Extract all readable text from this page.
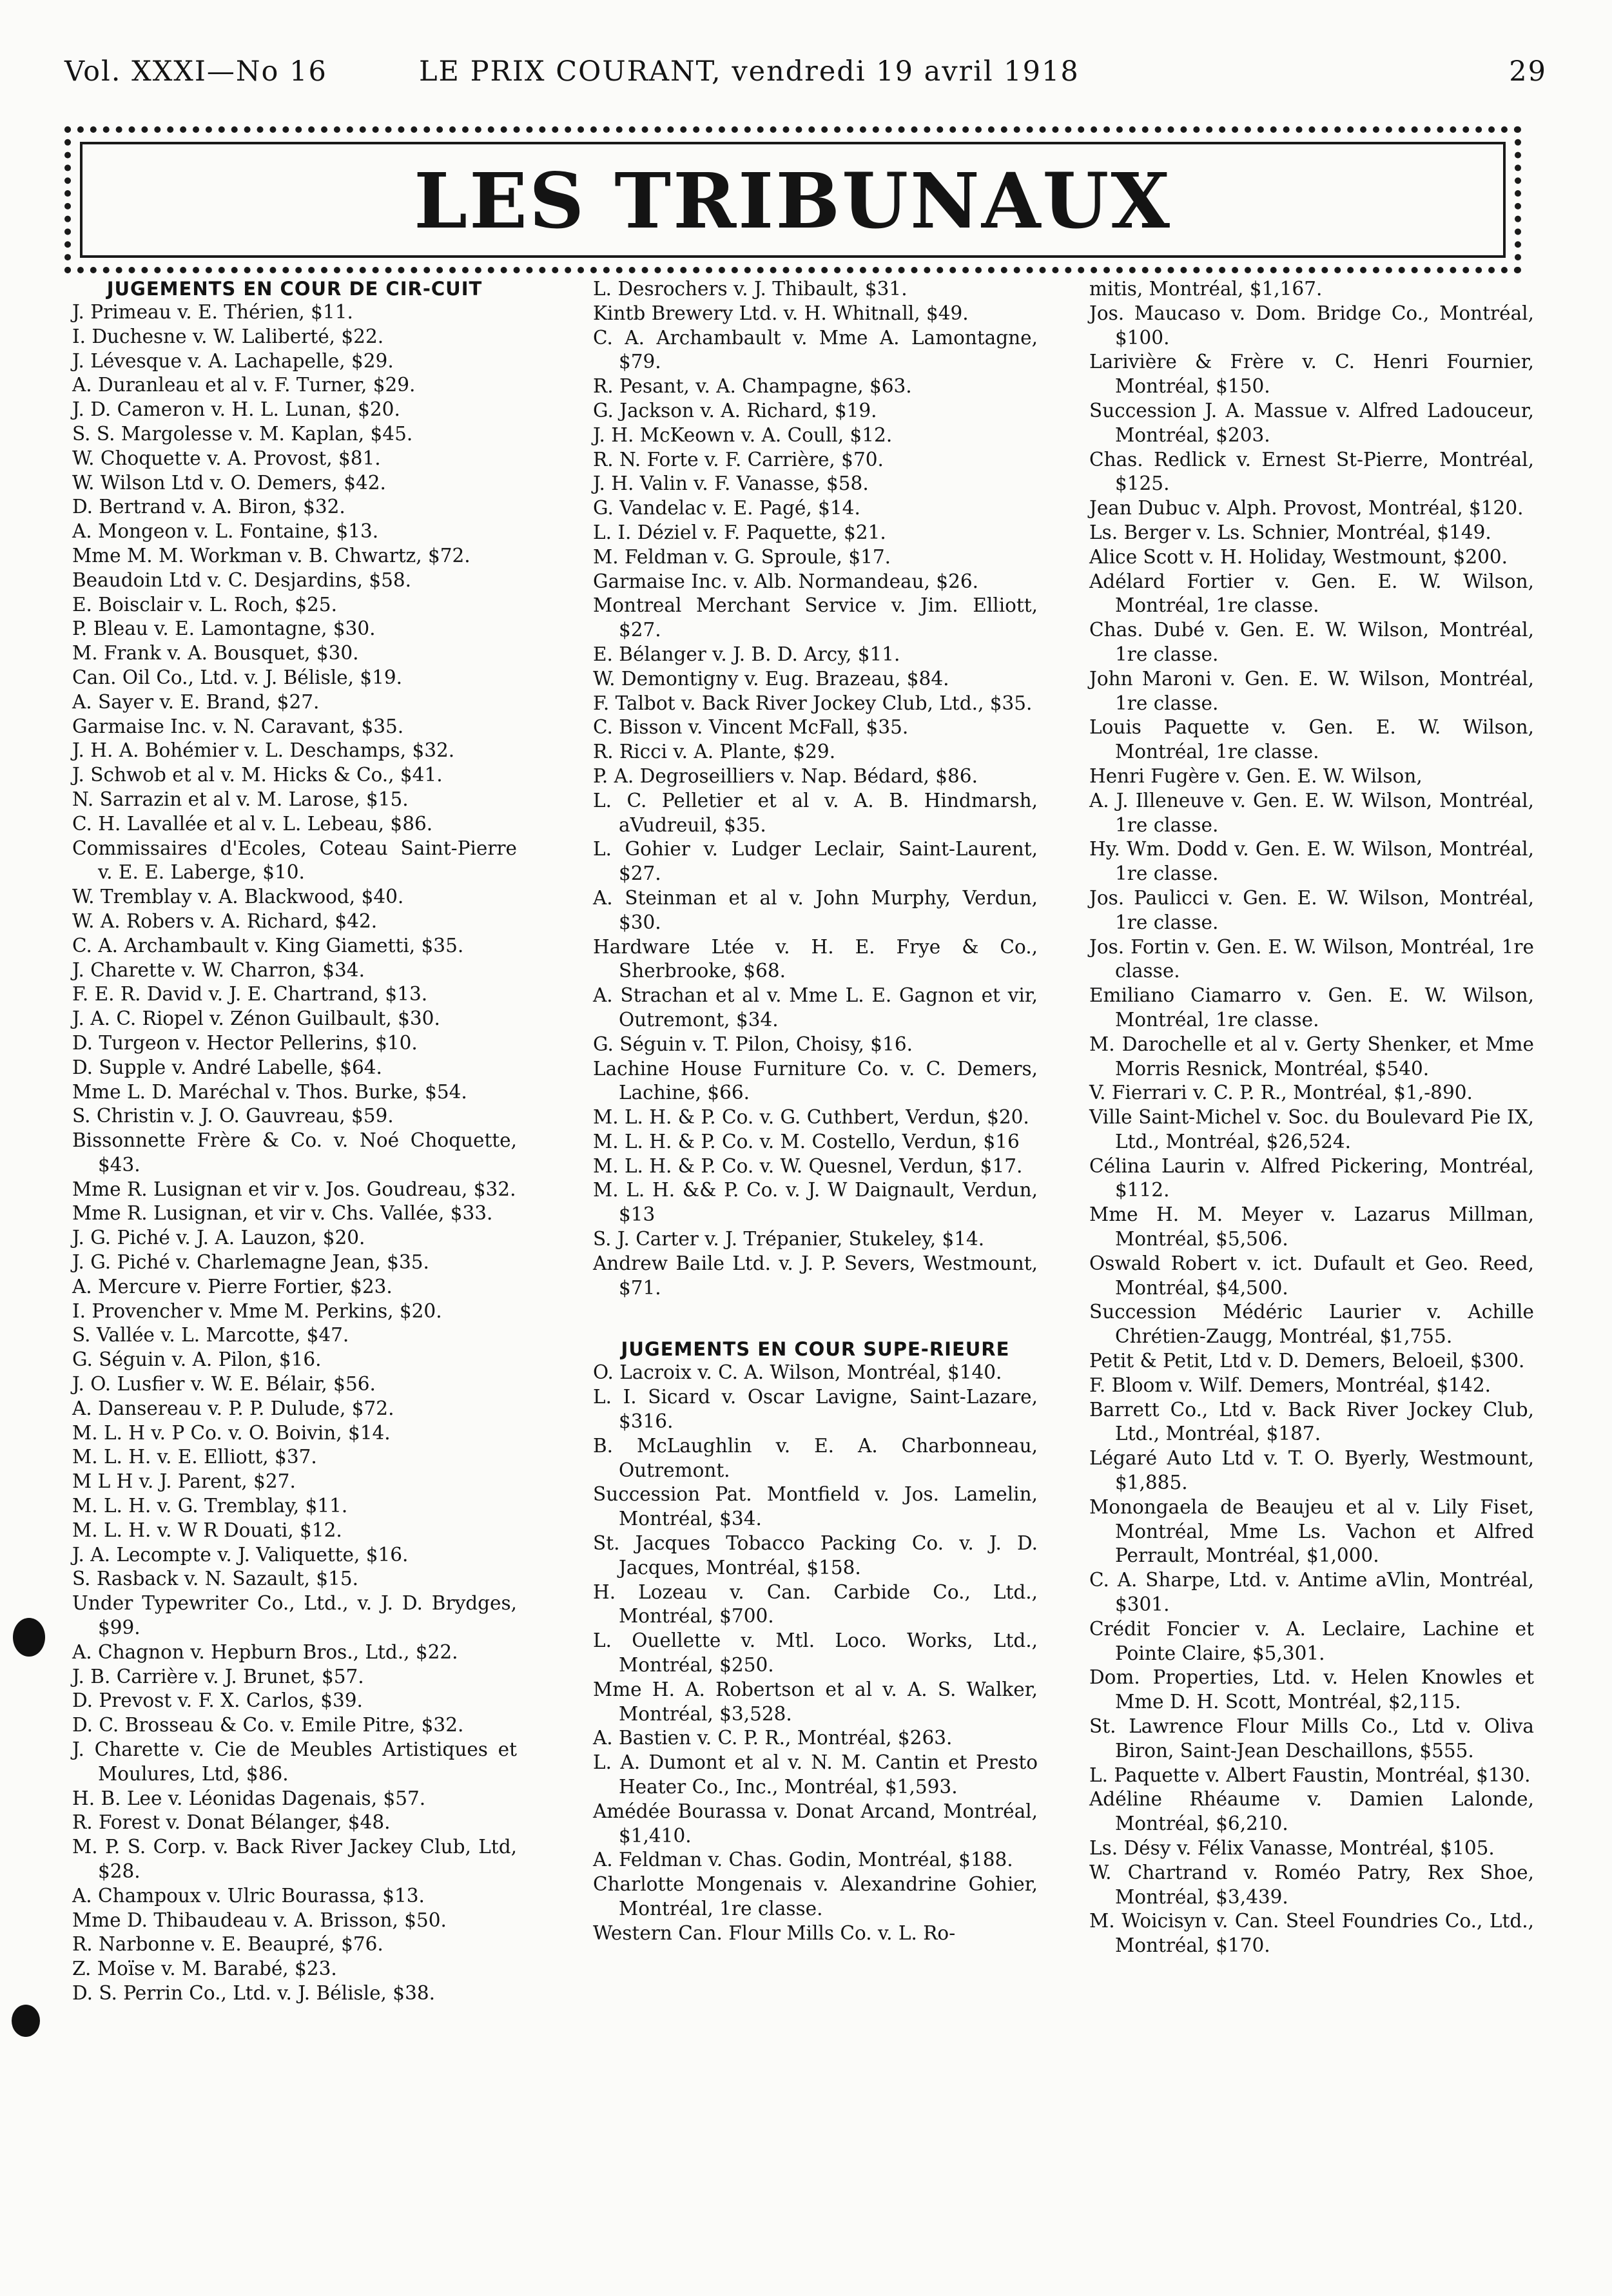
Vol. XXXI—No 16	LE PRIX COURANT, vendredi 19 avril 1918	29
LES TRIBUNAUX
JUGEMENTS EN COUR DE CIR-CUIT
J. Primeau v. E. Thérien, $11.
I. Duchesne v. W. Laliberté, $22.
J. Lévesque v. A. Lachapelle, $29.
A. Duranleau et al v. F. Turner, $29.
J. D. Cameron v. H. L. Lunan, $20.
S. S. Margolesse v. M. Kaplan, $45.
W. Choquette v. A. Provost, $81.
W. Wilson Ltd v. O. Demers, $42.
D. Bertrand v. A. Biron, $32.
A. Mongeon v. L. Fontaine, $13.
Mme M. M. Workman v. B. Chwartz, $72.
Beaudoin Ltd v. C. Desjardins, $58.
E. Boisclair v. L. Roch, $25.
P. Bleau v. E. Lamontagne, $30.
M. Frank v. A. Bousquet, $30.
Can. Oil Co., Ltd. v. J. Bélisle, $19.
A. Sayer v. E. Brand, $27.
Garmaise Inc. v. N. Caravant, $35.
J. H. A. Bohémier v. L. Deschamps, $32.
J. Schwob et al v. M. Hicks & Co., $41.
N. Sarrazin et al v. M. Larose, $15.
C. H. Lavallée et al v. L. Lebeau, $86.
Commissaires d'Ecoles, Coteau Saint-Pierre v. E. E. Laberge, $10.
W. Tremblay v. A. Blackwood, $40.
W. A. Robers v. A. Richard, $42.
C. A. Archambault v. King Giametti, $35.
J. Charette v. W. Charron, $34.
F. E. R. David v. J. E. Chartrand, $13.
J. A. C. Riopel v. Zénon Guilbault, $30.
D. Turgeon v. Hector Pellerins, $10.
D. Supple v. André Labelle, $64.
Mme L. D. Maréchal v. Thos. Burke, $54.
S. Christin v. J. O. Gauvreau, $59.
Bissonnette Frère & Co. v. Noé Choquette, $43.
Mme R. Lusignan et vir v. Jos. Goudreau, $32.
Mme R. Lusignan, et vir v. Chs. Vallée, $33.
J. G. Piché v. J. A. Lauzon, $20.
J. G. Piché v. Charlemagne Jean, $35.
A. Mercure v. Pierre Fortier, $23.
I. Provencher v. Mme M. Perkins, $20.
S. Vallée v. L. Marcotte, $47.
G. Séguin v. A. Pilon, $16.
J. O. Lusfier v. W. E. Bélair, $56.
A. Dansereau v. P. P. Dulude, $72.
M. L. H v. P Co. v. O. Boivin, $14.
M. L. H. v. E. Elliott, $37.
M L H v. J. Parent, $27.
M. L. H. v. G. Tremblay, $11.
M. L. H. v. W R Douati, $12.
J. A. Lecompte v. J. Valiquette, $16.
S. Rasback v. N. Sazault, $15.
Under Typewriter Co., Ltd., v. J. D. Brydges, $99.
A. Chagnon v. Hepburn Bros., Ltd., $22.
J. B. Carrière v. J. Brunet, $57.
D. Prevost v. F. X. Carlos, $39.
D. C. Brosseau & Co. v. Emile Pitre, $32.
J. Charette v. Cie de Meubles Artistiques et Moulures, Ltd, $86.
H. B. Lee v. Léonidas Dagenais, $57.
R. Forest v. Donat Bélanger, $48.
M. P. S. Corp. v. Back River Jackey Club, Ltd, $28.
A. Champoux v. Ulric Bourassa, $13.
Mme D. Thibaudeau v. A. Brisson, $50.
R. Narbonne v. E. Beaupré, $76.
Z. Moïse v. M. Barabé, $23.
D. S. Perrin Co., Ltd. v. J. Bélisle, $38.
L. Desrochers v. J. Thibault, $31.
Kintb Brewery Ltd. v. H. Whitnall, $49.
C. A. Archambault v. Mme A. Lamontagne, $79.
R. Pesant, v. A. Champagne, $63.
G. Jackson v. A. Richard, $19.
J. H. McKeown v. A. Coull, $12.
R. N. Forte v. F. Carrière, $70.
J. H. Valin v. F. Vanasse, $58.
G. Vandelac v. E. Pagé, $14.
L. I. Déziel v. F. Paquette, $21.
M. Feldman v. G. Sproule, $17.
Garmaise Inc. v. Alb. Normandeau, $26.
Montreal Merchant Service v. Jim. Elliott, $27.
E. Bélanger v. J. B. D. Arcy, $11.
W. Demontigny v. Eug. Brazeau, $84.
F. Talbot v. Back River Jockey Club, Ltd., $35.
C. Bisson v. Vincent McFall, $35.
R. Ricci v. A. Plante, $29.
P. A. Degroseilliers v. Nap. Bédard, $86.
L. C. Pelletier et al v. A. B. Hindmarsh, aVudreuil, $35.
L. Gohier v. Ludger Leclair, Saint-Laurent, $27.
A. Steinman et al v. John Murphy, Verdun, $30.
Hardware Ltée v. H. E. Frye & Co., Sherbrooke, $68.
A. Strachan et al v. Mme L. E. Gagnon et vir, Outremont, $34.
G. Séguin v. T. Pilon, Choisy, $16.
Lachine House Furniture Co. v. C. Demers, Lachine, $66.
M. L. H. & P. Co. v. G. Cuthbert, Verdun, $20.
M. L. H. & P. Co. v. M. Costello, Verdun, $16
M. L. H. & P. Co. v. W. Quesnel, Verdun, $17.
M. L. H. && P. Co. v. J. W Daignault, Verdun, $13
S. J. Carter v. J. Trépanier, Stukeley, $14.
Andrew Baile Ltd. v. J. P. Severs, Westmount, $71.
JUGEMENTS EN COUR SUPE-RIEURE
O. Lacroix v. C. A. Wilson, Montréal, $140.
L. I. Sicard v. Oscar Lavigne, Saint-Lazare, $316.
B. McLaughlin v. E. A. Charbonneau, Outremont.
Succession Pat. Montfield v. Jos. Lamelin, Montréal, $34.
St. Jacques Tobacco Packing Co. v. J. D. Jacques, Montréal, $158.
H. Lozeau v. Can. Carbide Co., Ltd., Montréal, $700.
L. Ouellette v. Mtl. Loco. Works, Ltd., Montréal, $250.
Mme H. A. Robertson et al v. A. S. Walker, Montréal, $3,528.
A. Bastien v. C. P. R., Montréal, $263.
L. A. Dumont et al v. N. M. Cantin et Presto Heater Co., Inc., Montréal, $1,593.
Amédée Bourassa v. Donat Arcand, Montréal, $1,410.
A. Feldman v. Chas. Godin, Montréal, $188.
Charlotte Mongenais v. Alexandrine Gohier, Montréal, 1re classe.
Western Can. Flour Mills Co. v. L. Ro-
mitis, Montréal, $1,167.
Jos. Maucaso v. Dom. Bridge Co., Montréal, $100.
Larivière & Frère v. C. Henri Fournier, Montréal, $150.
Succession J. A. Massue v. Alfred Ladouceur, Montréal, $203.
Chas. Redlick v. Ernest St-Pierre, Montréal, $125.
Jean Dubuc v. Alph. Provost, Montréal, $120.
Ls. Berger v. Ls. Schnier, Montréal, $149.
Alice Scott v. H. Holiday, Westmount, $200.
Adélard Fortier v. Gen. E. W. Wilson, Montréal, 1re classe.
Chas. Dubé v. Gen. E. W. Wilson, Montréal, 1re classe.
John Maroni v. Gen. E. W. Wilson, Montréal, 1re classe.
Louis Paquette v. Gen. E. W. Wilson, Montréal, 1re classe.
Henri Fugère v. Gen. E. W. Wilson,
A. J. Illeneuve v. Gen. E. W. Wilson, Montréal, 1re classe.
Hy. Wm. Dodd v. Gen. E. W. Wilson, Montréal, 1re classe.
Jos. Paulicci v. Gen. E. W. Wilson, Montréal, 1re classe.
Jos. Fortin v. Gen. E. W. Wilson, Montréal, 1re classe.
Emiliano Ciamarro v. Gen. E. W. Wilson, Montréal, 1re classe.
M. Darochelle et al v. Gerty Shenker, et Mme Morris Resnick, Montréal, $540.
V. Fierrari v. C. P. R., Montréal, $1,-890.
Ville Saint-Michel v. Soc. du Boulevard Pie IX, Ltd., Montréal, $26,524.
Célina Laurin v. Alfred Pickering, Montréal, $112.
Mme H. M. Meyer v. Lazarus Millman, Montréal, $5,506.
Oswald Robert v. ict. Dufault et Geo. Reed, Montréal, $4,500.
Succession Médéric Laurier v. Achille Chrétien-Zaugg, Montréal, $1,755.
Petit & Petit, Ltd v. D. Demers, Beloeil, $300.
F. Bloom v. Wilf. Demers, Montréal, $142.
Barrett Co., Ltd v. Back River Jockey Club, Ltd., Montréal, $187.
Légaré Auto Ltd v. T. O. Byerly, Westmount, $1,885.
Monongaela de Beaujeu et al v. Lily Fiset, Montréal, Mme Ls. Vachon et Alfred Perrault, Montréal, $1,000.
C. A. Sharpe, Ltd. v. Antime aVlin, Montréal, $301.
Crédit Foncier v. A. Leclaire, Lachine et Pointe Claire, $5,301.
Dom. Properties, Ltd. v. Helen Knowles et Mme D. H. Scott, Montréal, $2,115.
St. Lawrence Flour Mills Co., Ltd v. Oliva Biron, Saint-Jean Deschaillons, $555.
L. Paquette v. Albert Faustin, Montréal, $130.
Adéline Rhéaume v. Damien Lalonde, Montréal, $6,210.
Ls. Désy v. Félix Vanasse, Montréal, $105.
W. Chartrand v. Roméo Patry, Rex Shoe, Montréal, $3,439.
M. Woicisyn v. Can. Steel Foundries Co., Ltd., Montréal, $170.
